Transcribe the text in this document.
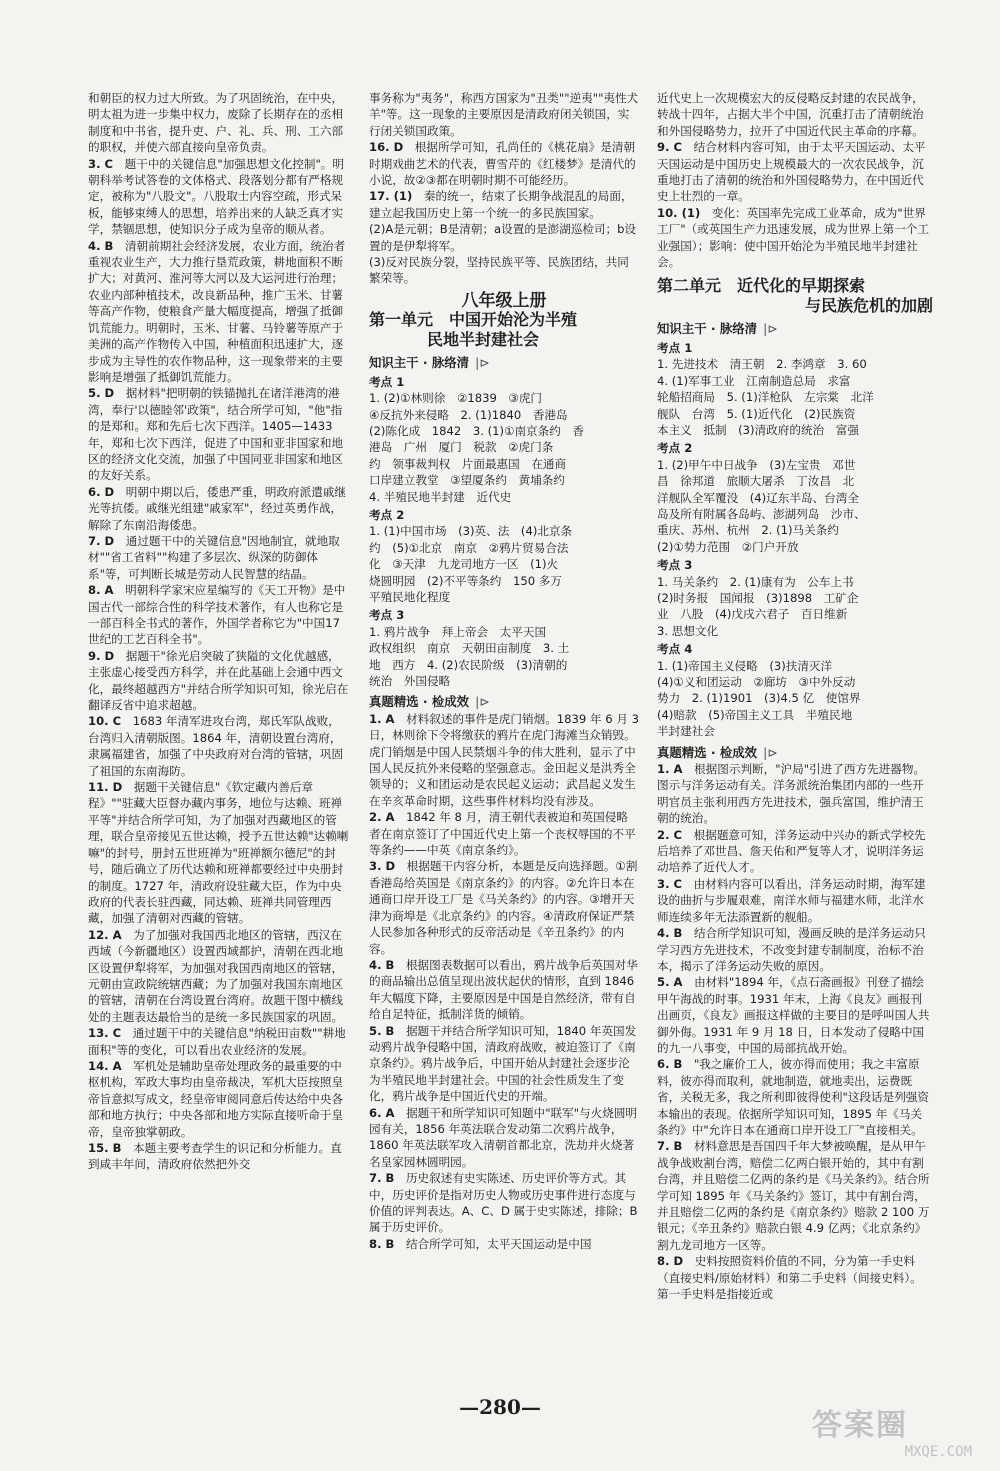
和朝臣的权力过大所致。为了巩固统治，在中央，明太祖为进一步集中权力，废除了长期存在的丞相制度和中书省，提升吏、户、礼、兵、刑、工六部的职权，并使六部直接向皇帝负责。

3. C　题干中的关键信息"加强思想文化控制"。明朝科举考试答卷的文体格式、段落划分都有严格规定，被称为"八股文"。八股取士内容空疏，形式呆板，能够束缚人的思想，培养出来的人缺乏真才实学，禁锢思想，使知识分子成为皇帝的顺从者。

4. B　清朝前期社会经济发展，农业方面，统治者重视农业生产，大力推行垦荒政策，耕地面积不断扩大；对黄河、淮河等大河以及大运河进行治理；农业内部种植技术，改良新品种，推广玉米、甘薯等高产作物，使粮食产量大幅度提高，增强了抵御饥荒能力。明朝时，玉米、甘薯、马铃薯等原产于美洲的高产作物传入中国，种植面积迅速扩大，逐步成为主导性的农作物品种，这一现象带来的主要影响是增强了抵御饥荒能力。

5. D　据材料"把明朝的铁锚抛扎在诸洋港湾的港湾，奉行'以德睦邻'政策"，结合所学可知，"他"指的是郑和。郑和先后七次下西洋。1405—1433 年，郑和七次下西洋，促进了中国和亚非国家和地区的经济文化交流，加强了中国同亚非国家和地区的友好关系。

6. D　明朝中期以后，倭患严重，明政府派遣戚继光等抗倭。戚继光组建"戚家军"，经过英勇作战，解除了东南沿海倭患。

7. D　通过题干中的关键信息"因地制宜，就地取材""省工省料""构建了多层次、纵深的防御体系"等，可判断长城是劳动人民智慧的结晶。

8. A　明朝科学家宋应星编写的《天工开物》是中国古代一部综合性的科学技术著作，有人也称它是一部百科全书式的著作，外国学者称它为"中国17世纪的工艺百科全书"。

9. D　据题干"徐光启突破了狭隘的文化优越感，主张虚心接受西方科学，并在此基础上会通中西文化，最终超越西方"并结合所学知识可知，徐光启在翻译反省中追求超越。

10. C　1683 年清军进攻台湾，郑氏军队战败，台湾归入清朝版图。1864 年，清朝设置台湾府，隶属福建省，加强了中央政府对台湾的管辖，巩固了祖国的东南海防。

11. D　据题干关键信息"《钦定藏内善后章程》""驻藏大臣督办藏内事务，地位与达赖、班禅平等"并结合所学可知，为了加强对西藏地区的管理，联合皇帝接见五世达赖，授予五世达赖"达赖喇嘛"的封号，册封五世班禅为"班禅额尔德尼"的封号，随后确立了历代达赖和班禅都要经过中央册封的制度。1727 年，清政府设驻藏大臣，作为中央政府的代表长驻西藏，同达赖、班禅共同管理西藏，加强了清朝对西藏的管辖。

12. A　为了加强对我国西北地区的管辖，西汉在西域（今新疆地区）设置西域都护，清朝在西北地区设置伊犁将军，为加强对我国西南地区的管辖，元朝由宣政院统辖西藏；为了加强对我国东南地区的管辖，清朝在台湾设置台湾府。故题干图中横线处的主题表达最恰当的是统一多民族国家的巩固。

13. C　通过题干中的关键信息"纳税田亩数""耕地面积"等的变化，可以看出农业经济的发展。

14. A　军机处是辅助皇帝处理政务的最重要的中枢机构，军政大事均由皇帝裁决，军机大臣按照皇帝旨意拟写成文，经皇帝审阅同意后传达给中央各部和地方执行；中央各部和地方实际直接听命于皇帝，皇帝独掌朝政。

15. B　本题主要考查学生的识记和分析能力。直到咸丰年间，清政府依然把外交

事务称为"夷务"，称西方国家为"丑类""逆夷""夷性犬羊"等。这一现象的主要原因是清政府闭关锁国，实行闭关锁国政策。

16. D　根据所学可知，孔尚任的《桃花扇》是清朝时期戏曲艺术的代表，曹雪芹的《红楼梦》是清代的小说，故②③都在明朝时期不可能经历。

17. (1)　秦的统一，结束了长期争战混乱的局面，建立起我国历史上第一个统一的多民族国家。

(2)A是元朝；B是清朝；a设置的是澎湖巡检司；b设置的是伊犁将军。

(3)反对民族分裂，坚持民族平等、民族团结，共同繁荣等。

八年级上册
第一单元　中国开始沦为半殖
民地半封建社会
知识主干 · 脉络清 |⊳
考点 1
1. (2)①林则徐　②1839　③虎门
④反抗外来侵略　2. (1)1840　香港岛
(2)陈化成　1842　3. (1)①南京条约　香
港岛　广州　厦门　税款　②虎门条
约　领事裁判权　片面最惠国　在通商
口岸建立教堂　③望厦条约　黄埔条约
4. 半殖民地半封建　近代史
考点 2
1. (1)中国市场　(3)英、法　(4)北京条
约　(5)①北京　南京　②鸦片贸易合法
化　③天津　九龙司地方一区　(1)火
烧圆明园　(2)不平等条约　150 多万
平殖民地化程度
考点 3
1. 鸦片战争　拜上帝会　太平天国
政权组织　南京　天朝田亩制度　3. 土
地　西方　4. (2)农民阶级　(3)清朝的
统治　外国侵略
真题精选 · 检成效 |⊳

1. A　材料叙述的事件是虎门销烟。1839 年 6 月 3 日，林则徐下令将缴获的鸦片在虎门海滩当众销毁。虎门销烟是中国人民禁烟斗争的伟大胜利，显示了中国人民反抗外来侵略的坚强意志。金田起义是洪秀全领导的；义和团运动是农民起义运动；武昌起义发生在辛亥革命时期，这些事件材料均没有涉及。

2. A　1842 年 8 月，清王朝代表被迫和英国侵略者在南京签订了中国近代史上第一个丧权辱国的不平等条约——中英《南京条约》。

3. D　根据题干内容分析，本题是反向选择题。①割香港岛给英国是《南京条约》的内容。②允许日本在通商口岸开设工厂是《马关条约》的内容。③增开天津为商埠是《北京条约》的内容。④清政府保证严禁人民参加各种形式的反帝活动是《辛丑条约》的内容。

4. B　根据图表数据可以看出，鸦片战争后英国对华的商品输出总值呈现出波状起伏的情形，直到 1846 年大幅度下降，主要原因是中国是自然经济，带有自给自足特征，抵制洋货的倾销。

5. B　据题干并结合所学知识可知，1840 年英国发动鸦片战争侵略中国，清政府战败，被迫签订了《南京条约》。鸦片战争后，中国开始从封建社会逐步沦为半殖民地半封建社会。中国的社会性质发生了变化，鸦片战争是中国近代史的开端。

6. A　据题干和所学知识可知题中"联军"与火烧圆明园有关，1856 年英法联合发动第二次鸦片战争，1860 年英法联军攻入清朝首都北京，洗劫并火烧著名皇家园林圆明园。

7. B　历史叙述有史实陈述、历史评价等方式。其中，历史评价是指对历史人物或历史事件进行态度与价值的评判表达。A、C、D 属于史实陈述，排除；B 属于历史评价。

8. B　结合所学可知，太平天国运动是中国

近代史上一次规模宏大的反侵略反封建的农民战争，转战十四年，占据大半个中国，沉重打击了清朝统治和外国侵略势力，拉开了中国近代民主革命的序幕。

9. C　结合材料内容可知，由于太平天国运动、太平天国运动是中国历史上规模最大的一次农民战争，沉重地打击了清朝的统治和外国侵略势力，在中国近代史上壮烈的一章。

10. (1)　变化：英国率先完成工业革命，成为"世界工厂"（或英国生产力迅速发展，成为世界上第一个工业强国）；影响：使中国开始沦为半殖民地半封建社会。

第二单元　近代化的早期探索
与民族危机的加剧
知识主干 · 脉络清 |⊳
考点 1
1. 先进技术　清王朝　2. 李鸿章　3. 60
4. (1)军事工业　江南制造总局　求富
轮船招商局　5. (1)洋枪队　左宗棠　北洋
舰队　台湾　5. (1)近代化　(2)民族资
本主义　抵制　(3)清政府的统治　富强
考点 2
1. (2)甲午中日战争　(3)左宝贵　邓世
昌　徐邦道　旅顺大屠杀　丁汝昌　北
洋舰队全军覆没　(4)辽东半岛、台湾全
岛及所有附属各岛屿、澎湖列岛　沙市、
重庆、苏州、杭州　2. (1)马关条约
(2)①势力范围　②门户开放
考点 3
1. 马关条约　2. (1)康有为　公车上书
(2)时务报　国闻报　(3)1898　工矿企
业　八股　(4)戊戌六君子　百日维新
3. 思想文化
考点 4
1. (1)帝国主义侵略　(3)扶清灭洋
(4)①义和团运动　②廊坊　③中外反动
势力　2. (1)1901　(3)4.5 亿　使馆界
(4)赔款　(5)帝国主义工具　半殖民地
半封建社会
真题精选 · 检成效 |⊳

1. A　根据图示判断，"沪局"引进了西方先进器物。图示与洋务运动有关。洋务派统治集团内部的一些开明官员主张利用西方先进技术，强兵富国，维护清王朝的统治。

2. C　根据题意可知，洋务运动中兴办的新式学校先后培养了邓世昌、詹天佑和严复等人才，说明洋务运动培养了近代人才。

3. C　由材料内容可以看出，洋务运动时期，海军建设的曲折与步履艰难，南洋水师与福建水师，北洋水师连续多年无法添置新的舰船。

4. B　结合所学知识可知，漫画反映的是洋务运动只学习西方先进技术，不改变封建专制制度，治标不治本，揭示了洋务运动失败的原因。

5. A　由材料"1894 年，《点石斋画报》刊登了描绘甲午海战的时事。1931 年末，上海《良友》画报刊出画页，《良友》画报这样做的主要目的是呼叫国人共御外侮。1931 年 9 月 18 日，日本发动了侵略中国的九一八事变，中国的局部抗战开始。

6. B　"我之廉价工人，彼亦得而使用；我之丰富原料，彼亦得而取利，就地制造，就地卖出，运费既省，关税无多，我之所利即彼得使利"这段话是列强资本输出的表现。依据所学知识可知，1895 年《马关条约》中"允许日本在通商口岸开设工厂"直接相关。

7. B　材料意思是吾国四千年大梦被唤醒，是从甲午战争战败割台湾，赔偿二亿两白银开始的，其中有割台湾，并且赔偿二亿两的条约是《马关条约》。结合所学可知 1895 年《马关条约》签订，其中有割台湾，并且赔偿二亿两的条约是《南京条约》赔款 2 100 万银元；《辛丑条约》赔款白银 4.9 亿两；《北京条约》割九龙司地方一区等。

8. D　史料按照资料价值的不同，分为第一手史料（直接史料/原始材料）和第二手史料（间接史料）。第一手史料是指接近或

—280—
答案圈
MXQE.COM
